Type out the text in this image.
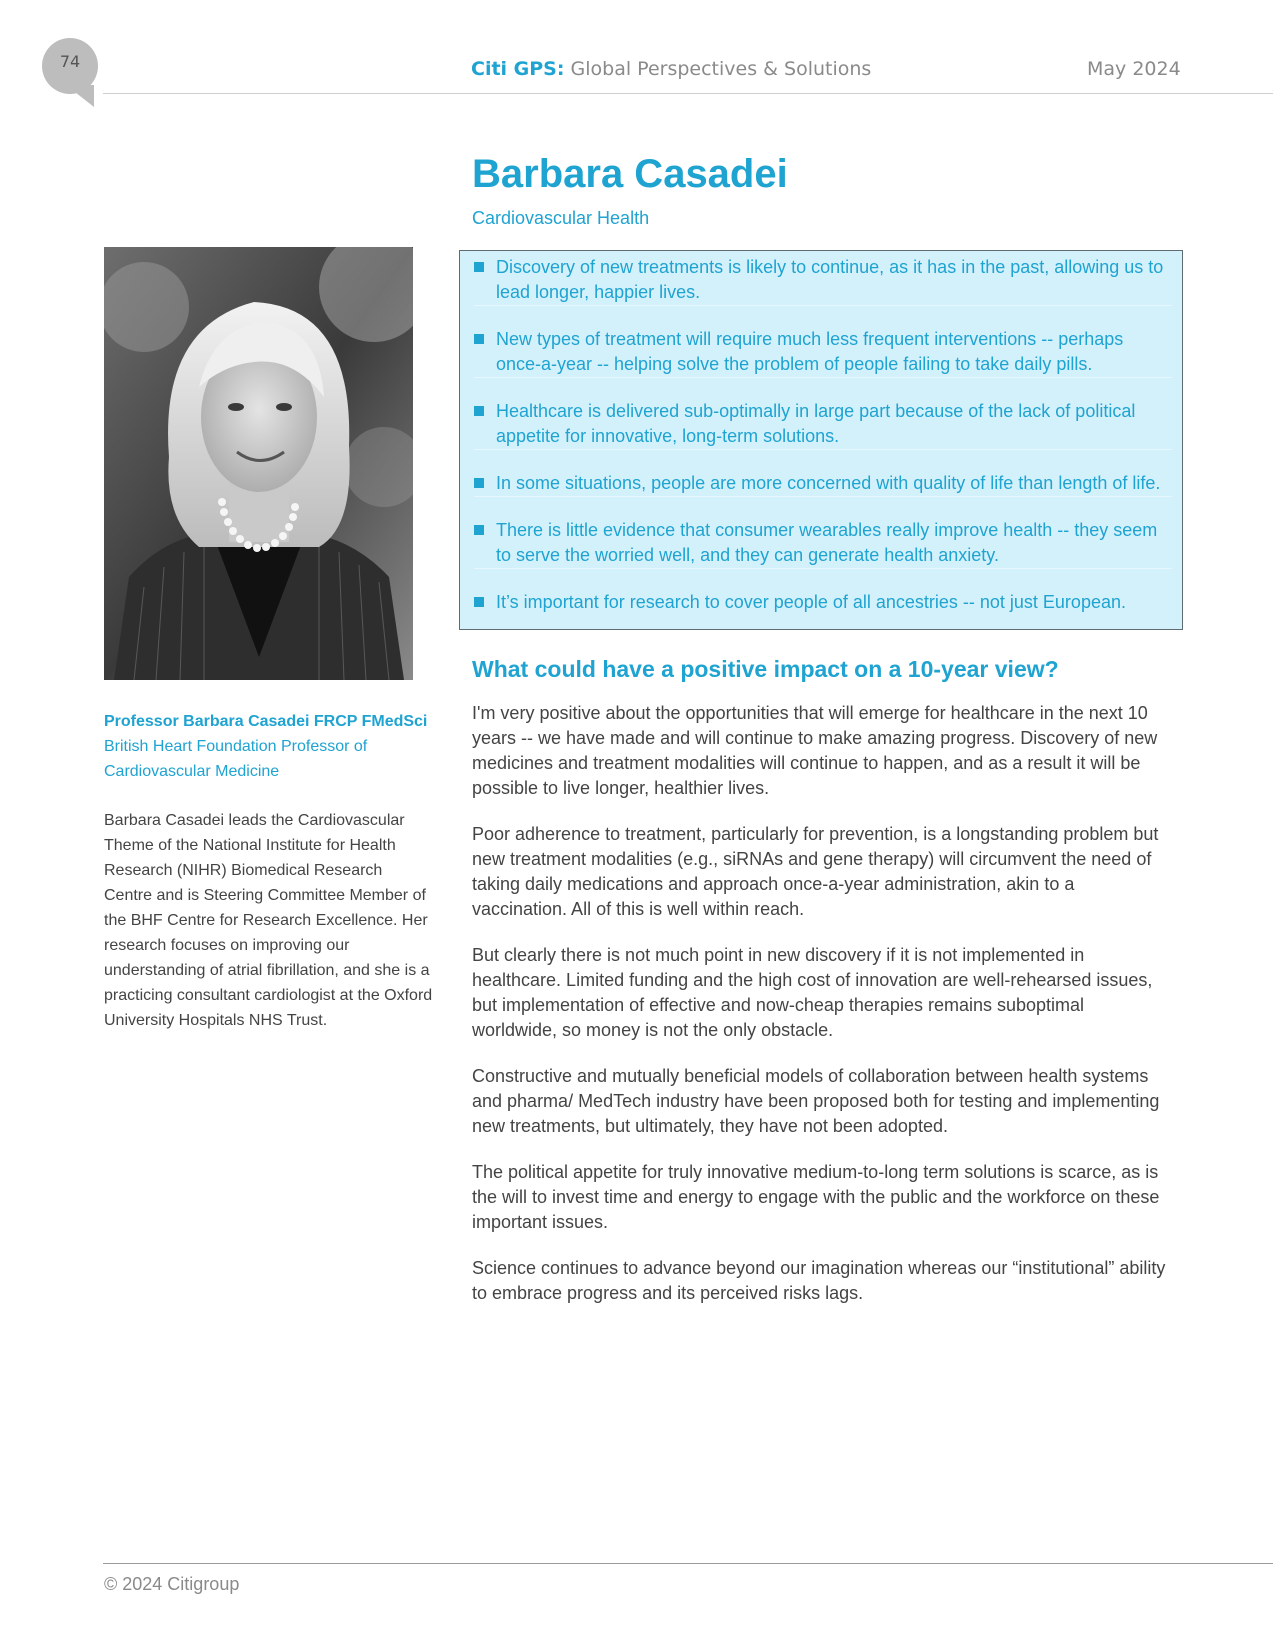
74	Citi GPS: Global Perspectives & Solutions	May 2024
Professor Barbara Casadei FRCP FMedSci
British Heart Foundation Professor of Cardiovascular Medicine
Barbara Casadei leads the Cardiovascular Theme of the National Institute for Health Research (NIHR) Biomedical Research Centre and is Steering Committee Member of the BHF Centre for Research Excellence. Her research focuses on improving our understanding of atrial fibrillation, and she is a practicing consultant cardiologist at the Oxford University Hospitals NHS Trust.
Barbara Casadei
Cardiovascular Health
Discovery of new treatments is likely to continue, as it has in the past, allowing us to lead longer, happier lives.
New types of treatment will require much less frequent interventions -- perhaps once-a-year -- helping solve the problem of people failing to take daily pills.
Healthcare is delivered sub-optimally in large part because of the lack of political appetite for innovative, long-term solutions.
In some situations, people are more concerned with quality of life than length of life.
There is little evidence that consumer wearables really improve health -- they seem to serve the worried well, and they can generate health anxiety.
It’s important for research to cover people of all ancestries -- not just European.
What could have a positive impact on a 10-year view?

I'm very positive about the opportunities that will emerge for healthcare in the next 10 years -- we have made and will continue to make amazing progress. Discovery of new medicines and treatment modalities will continue to happen, and as a result it will be possible to live longer, healthier lives.

Poor adherence to treatment, particularly for prevention, is a longstanding problem but new treatment modalities (e.g., siRNAs and gene therapy) will circumvent the need of taking daily medications and approach once-a-year administration, akin to a vaccination. All of this is well within reach.

But clearly there is not much point in new discovery if it is not implemented in healthcare. Limited funding and the high cost of innovation are well-rehearsed issues, but implementation of effective and now-cheap therapies remains suboptimal worldwide, so money is not the only obstacle.

Constructive and mutually beneficial models of collaboration between health systems and pharma/ MedTech industry have been proposed both for testing and implementing new treatments, but ultimately, they have not been adopted.

The political appetite for truly innovative medium-to-long term solutions is scarce, as is the will to invest time and energy to engage with the public and the workforce on these important issues.

Science continues to advance beyond our imagination whereas our “institutional” ability to embrace progress and its perceived risks lags.

© 2024 Citigroup
